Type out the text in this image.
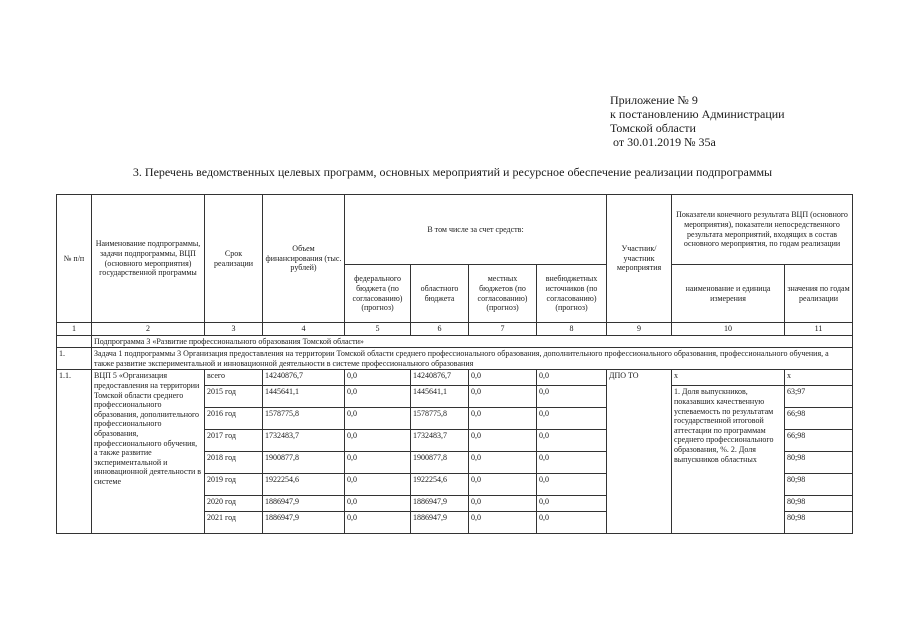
Приложение № 9
к постановлению Администрации
Томской области
от 30.01.2019 № 35а
3. Перечень ведомственных целевых программ, основных мероприятий и ресурсное обеспечение реализации подпрограммы
№ п/п	Наименование подпрограммы, задачи подпрограммы, ВЦП (основного мероприятия) государственной программы	Срок реализации	Объем финансирования (тыс. рублей)	В том числе за счет средств:				Участник/ участник мероприятия	Показатели конечного результата ВЦП (основного мероприятия), показатели непосредственного результата мероприятий, входящих в состав основного мероприятия, по годам реализации	
				федерального бюджета (по согласованию) (прогноз)	областного бюджета	местных бюджетов (по согласованию) (прогноз)	внебюджетных источников (по согласованию) (прогноз)		наименование и единица измерения	значения по годам реализации
1	2	3	4	5	6	7	8	9	10	11
	Подпрограмма 3 «Развитие профессионального образования Томской области»									
1.	Задача 1 подпрограммы 3 Организация предоставления на территории Томской области среднего профессионального образования, дополнительного профессионального образования, профессионального обучения, а также развитие экспериментальной и инновационной деятельности в системе профессионального образования									
1.1.	ВЦП 5 «Организация предоставления на территории Томской области среднего профессионального образования, дополнительного профессионального образования, профессионального обучения, а также развитие экспериментальной и инновационной деятельности в системе	всего	14240876,7	0,0	14240876,7	0,0	0,0	ДПО ТО	х	х
		2015 год	1445641,1	0,0	1445641,1	0,0	0,0		1. Доля выпускников, показавших качественную успеваемость по результатам государственной итоговой аттестации по программам среднего профессионального образования, %. 2. Доля выпускников областных	63;97
		2016 год	1578775,8	0,0	1578775,8	0,0	0,0			66;98
		2017 год	1732483,7	0,0	1732483,7	0,0	0,0			66;98
		2018 год	1900877,8	0,0	1900877,8	0,0	0,0			80;98
		2019 год	1922254,6	0,0	1922254,6	0,0	0,0			80;98
		2020 год	1886947,9	0,0	1886947,9	0,0	0,0			80;98
		2021 год	1886947,9	0,0	1886947,9	0,0	0,0			80;98
